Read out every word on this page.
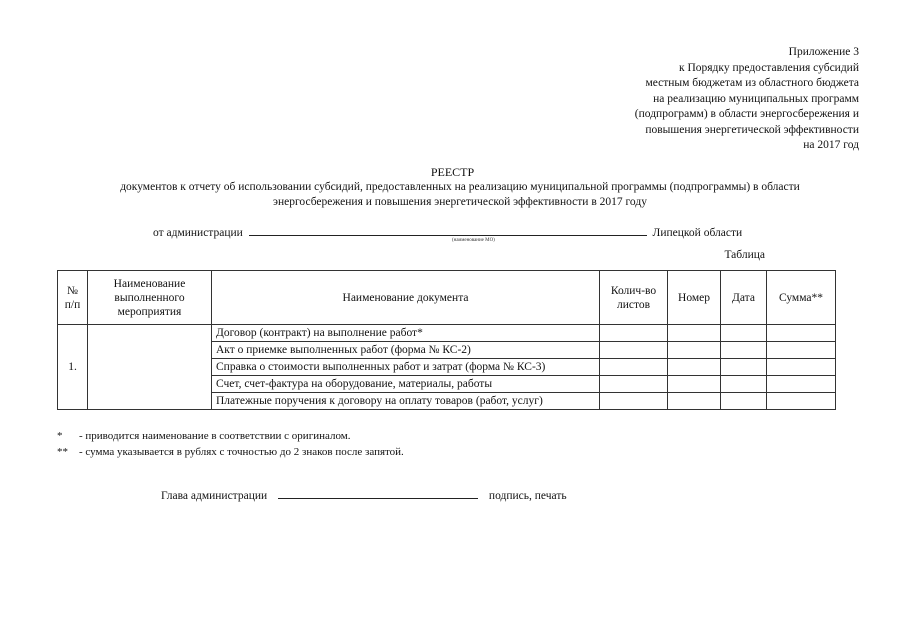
Приложение 3
к Порядку предоставления субсидий
местным бюджетам из областного бюджета
на реализацию муниципальных программ
(подпрограмм) в области энергосбережения и
повышения энергетической эффективности
на 2017 год
РЕЕСТР
документов к отчету об использовании субсидий, предоставленных на реализацию муниципальной программы (подпрограммы) в области
энергосбережения и повышения энергетической эффективности в 2017 году
от администрации	Липецкой области
(наименование МО)
Таблица
№ п/п	Наименование выполненного мероприятия	Наименование документа	Колич-во листов	Номер	Дата	Сумма**
1.		Договор (контракт) на выполнение работ*				
		Акт о приемке выполненных работ (форма № КС-2)				
		Справка о стоимости выполненных работ и затрат (форма № КС-3)				
		Счет, счет-фактура на оборудование, материалы, работы				
		Платежные поручения к договору на оплату товаров (работ, услуг)				
* - приводится наименование в соответствии с оригиналом.
** - сумма указывается в рублях с точностью до 2 знаков после запятой.
Глава администрации	подпись, печать
